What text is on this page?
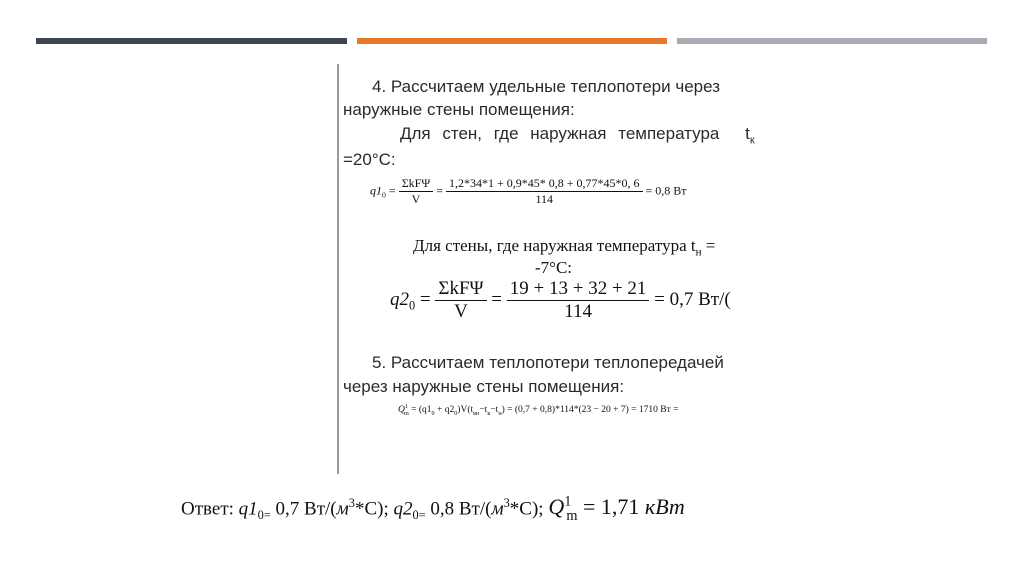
4. Рассчитаем удельные теплопотери через
наружные стены помещения:
Для стен, где наружная температура $t_к$
=20°С:
$q1_0 = \frac{\text{ΣkFΨ}}{V} = \frac{1,2*34*1 + 0,9*45* 0,8 + 0,77*45*0, 6}{114} = 0,8$ Вт
Для стены, где наружная температура $t_н$ =
-7°С:
$q2_0 = \frac{\text{ΣkFΨ}}{V} = \frac{19 + 13 + 32 + 21}{114} = 0,7$ Вт/(
5. Рассчитаем теплопотери теплопередачей
через наружные стены помещения:
$Q^1_m = (q1_0 + q2_0)V(t_{вн}-t_к-t_н) = (0,7 + 0,8)*114*(23 - 20 + 7) = 1710$ Вт =
Ответ: $q1_{0=}$ 0,7 $Вт/(м^3*С)$; $q2_{0=}$ 0,8 $Вт/(м^3*С)$; $Q^1_m = 1,71$ кВт
